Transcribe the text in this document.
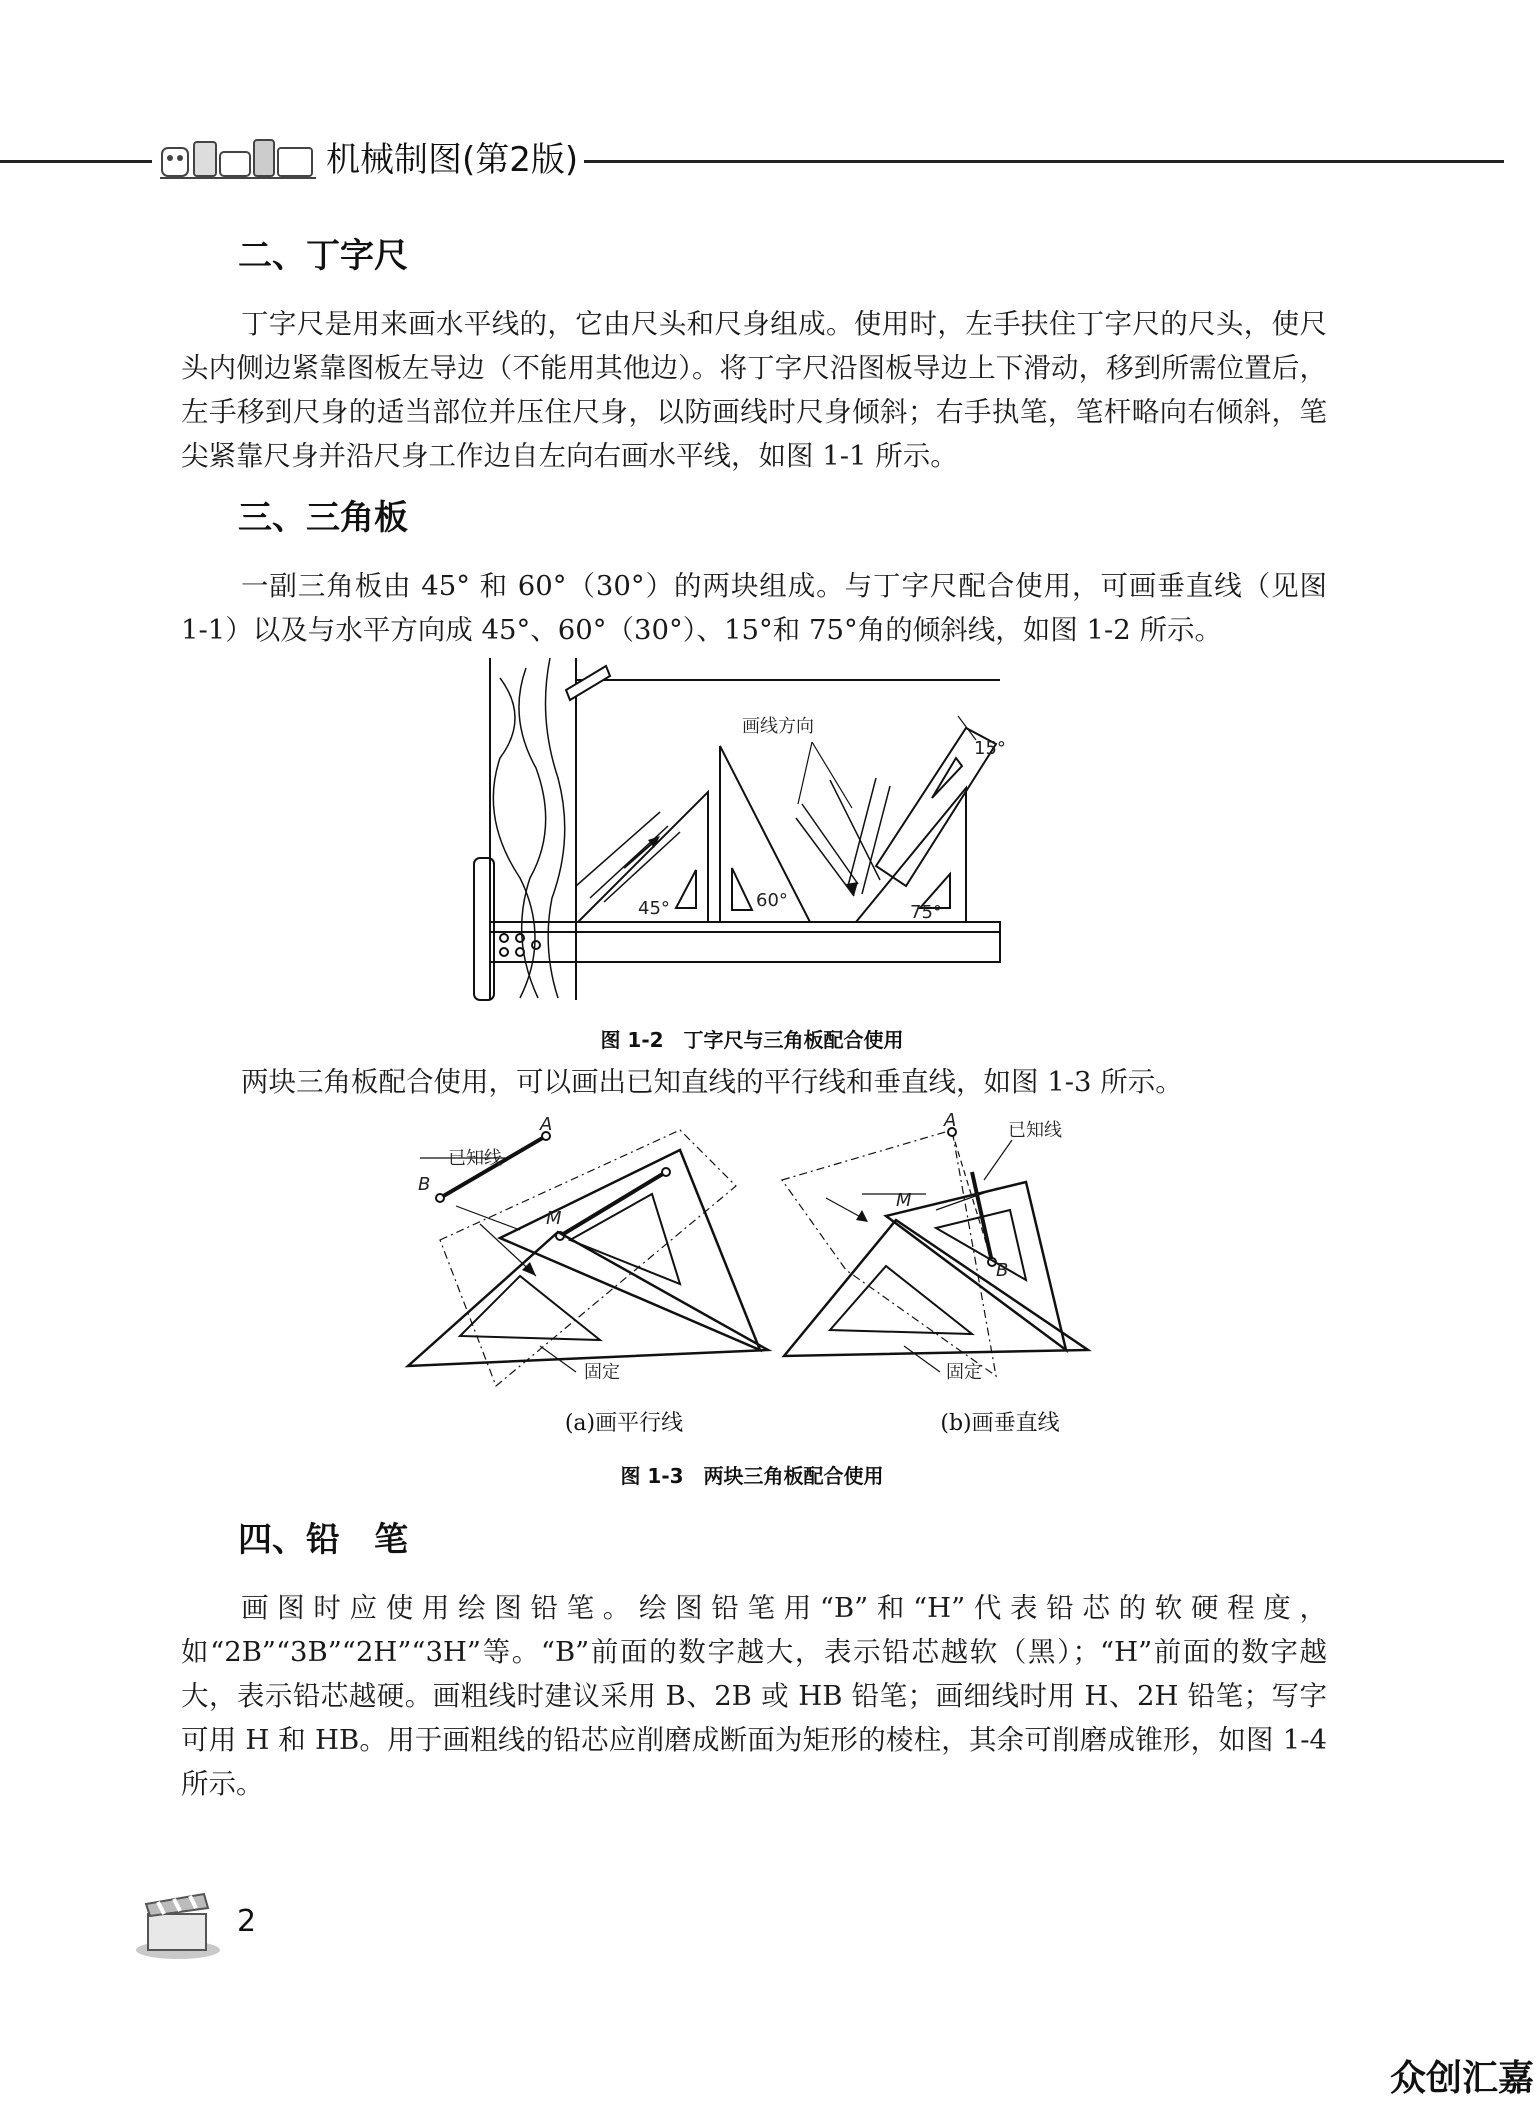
机械制图(第2版)
二、丁字尺

丁字尺是用来画水平线的，它由尺头和尺身组成。使用时，左手扶住丁字尺的尺头，使尺头内侧边紧靠图板左导边（不能用其他边）。将丁字尺沿图板导边上下滑动，移到所需位置后，左手移到尺身的适当部位并压住尺身，以防画线时尺身倾斜；右手执笔，笔杆略向右倾斜，笔尖紧靠尺身并沿尺身工作边自左向右画水平线，如图 1-1 所示。

三、三角板

一副三角板由 45° 和 60°（30°）的两块组成。与丁字尺配合使用，可画垂直线（见图 1-1）以及与水平方向成 45°、60°（30°）、15°和 75°角的倾斜线，如图 1-2 所示。

画线方向
45°	60°
75°
15°
图 1-2　丁字尺与三角板配合使用

两块三角板配合使用，可以画出已知直线的平行线和垂直线，如图 1-3 所示。

已知线
A
B
M
固定
(a)画平行线
已知线
A
B
M
固定
(b)画垂直线
图 1-3　两块三角板配合使用
四、铅　笔

画图时应使用绘图铅笔。绘图铅笔用“B”和“H”代表铅芯的软硬程度，如“2B”“3B”“2H”“3H”等。“B”前面的数字越大，表示铅芯越软（黑）；“H”前面的数字越大，表示铅芯越硬。画粗线时建议采用 B、2B 或 HB 铅笔；画细线时用 H、2H 铅笔；写字可用 H 和 HB。用于画粗线的铅芯应削磨成断面为矩形的棱柱，其余可削磨成锥形，如图 1-4 所示。

2
众创汇嘉
